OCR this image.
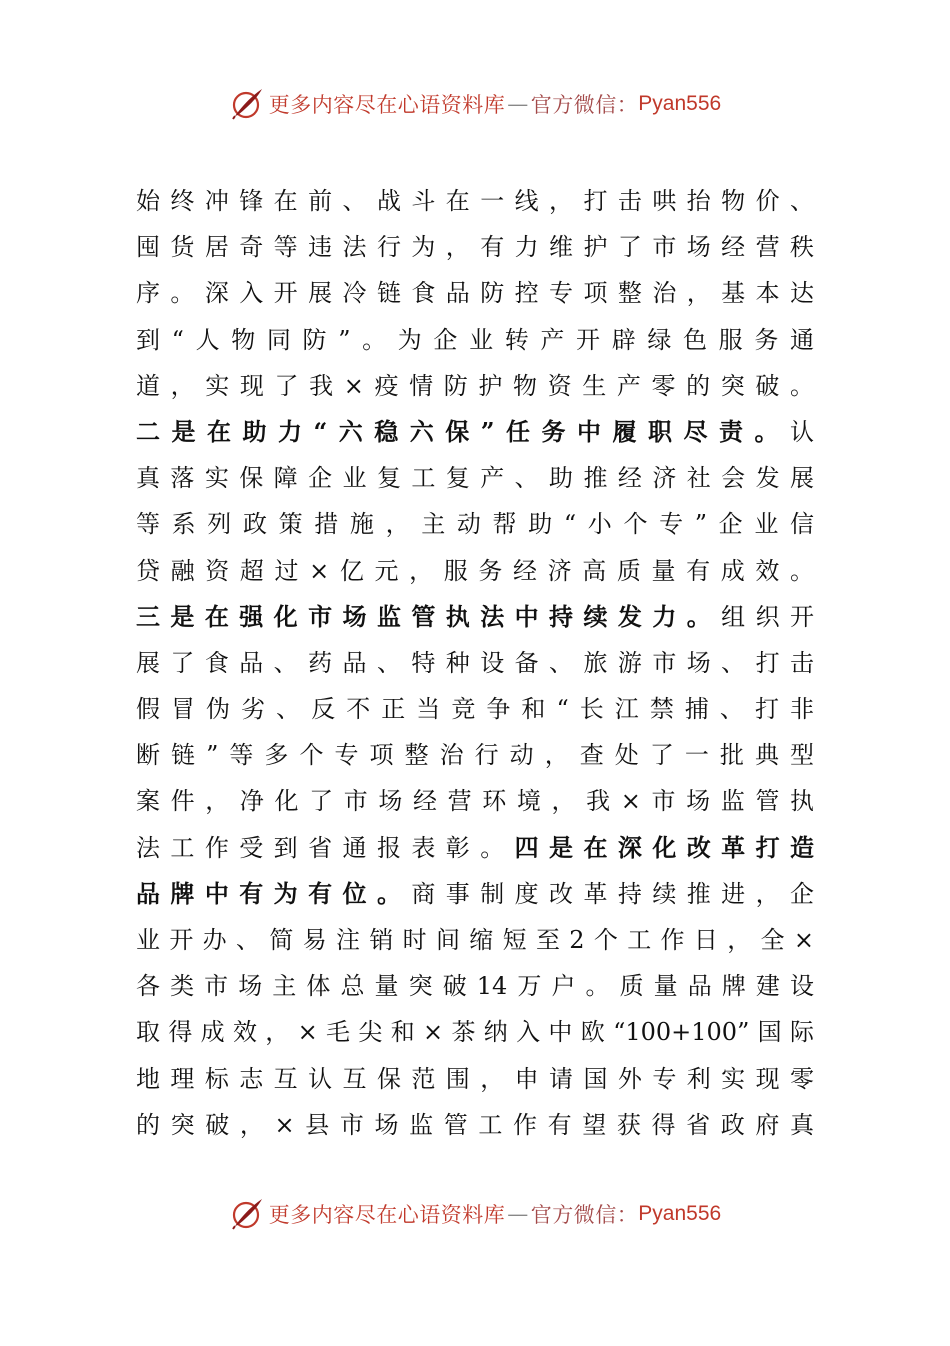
更多内容尽在心语资料库 — 官方微信： Pyan556
始终冲锋在前、战斗在一线，打击哄抬物价、
囤货居奇等违法行为，有力维护了市场经营秩
序。深入开展冷链食品防控专项整治，基本达
到“人物同防”。为企业转产开辟绿色服务通
道，实现了我×疫情防护物资生产零的突破。
二是在助力“六稳六保”任务中履职尽责。认
真落实保障企业复工复产、助推经济社会发展
等系列政策措施，主动帮助“小个专”企业信
贷融资超过×亿元，服务经济高质量有成效。
三是在强化市场监管执法中持续发力。组织开
展了食品、药品、特种设备、旅游市场、打击
假冒伪劣、反不正当竞争和“长江禁捕、打非
断链”等多个专项整治行动，查处了一批典型
案件，净化了市场经营环境，我×市场监管执
法工作受到省通报表彰。四是在深化改革打造
品牌中有为有位。商事制度改革持续推进，企
业开办、简易注销时间缩短至2个工作日，全×
各类市场主体总量突破14万户。质量品牌建设
取得成效，×毛尖和×茶纳入中欧“100+100”国际
地理标志互认互保范围，申请国外专利实现零
的突破，×县市场监管工作有望获得省政府真
更多内容尽在心语资料库 — 官方微信： Pyan556
